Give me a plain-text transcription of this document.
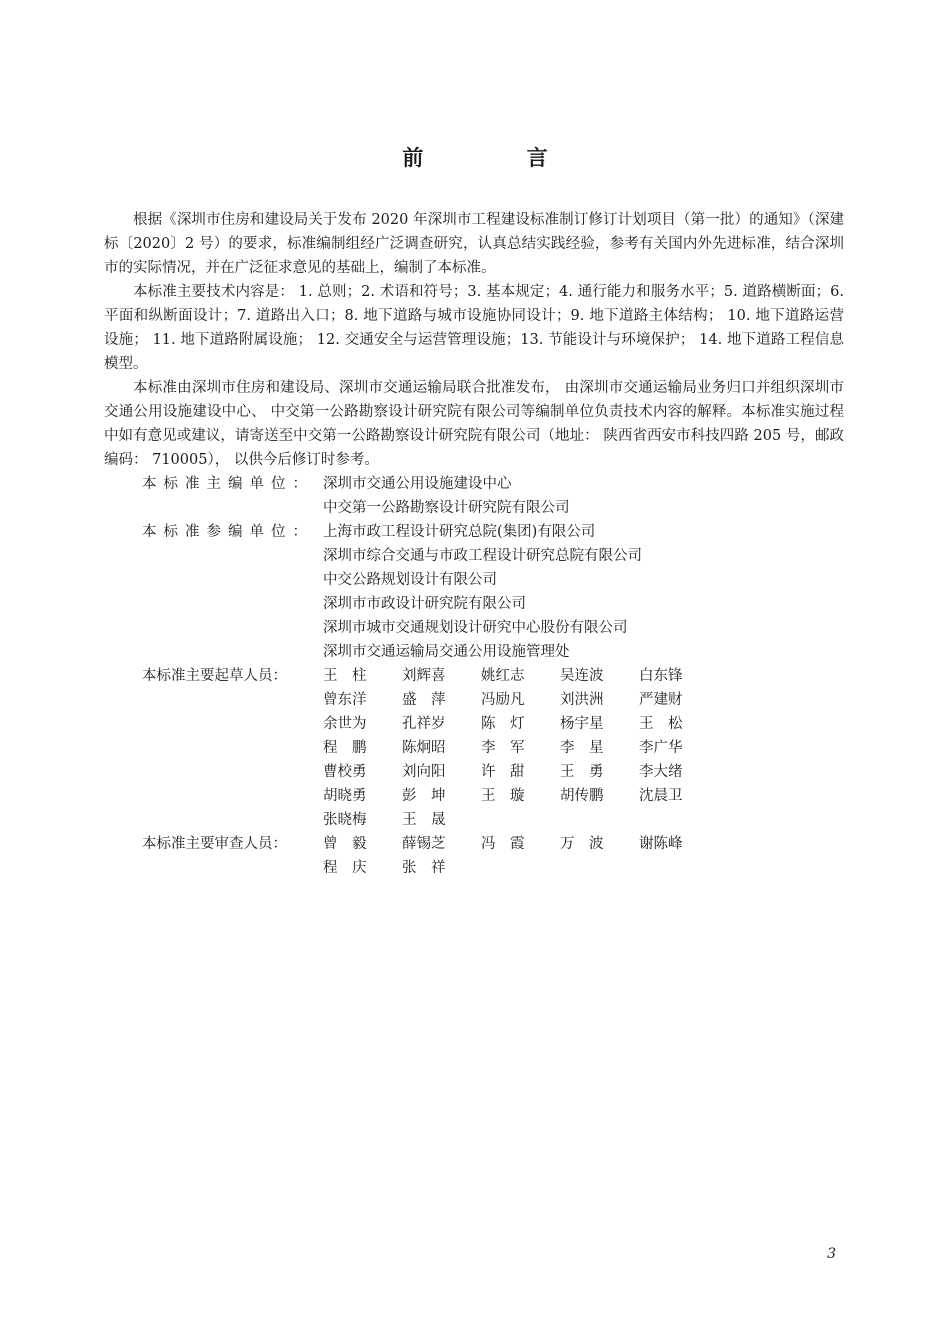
前 言

根据《深圳市住房和建设局关于发布 2020 年深圳市工程建设标准制订修订计划项目（第一批）的通知》（深建标〔2020〕2 号）的要求，标准编制组经广泛调查研究，认真总结实践经验，参考有关国内外先进标准，结合深圳市的实际情况，并在广泛征求意见的基础上，编制了本标准。

本标准主要技术内容是： 1. 总则；2. 术语和符号；3. 基本规定；4. 通行能力和服务水平；5. 道路横断面；6. 平面和纵断面设计；7. 道路出入口；8. 地下道路与城市设施协同设计；9. 地下道路主体结构； 10. 地下道路运营设施； 11. 地下道路附属设施； 12. 交通安全与运营管理设施；13. 节能设计与环境保护； 14. 地下道路工程信息模型。

本标准由深圳市住房和建设局、深圳市交通运输局联合批准发布， 由深圳市交通运输局业务归口并组织深圳市交通公用设施建设中心、 中交第一公路勘察设计研究院有限公司等编制单位负责技术内容的解释。本标准实施过程中如有意见或建议，请寄送至中交第一公路勘察设计研究院有限公司（地址： 陕西省西安市科技四路 205 号，邮政编码： 710005）， 以供今后修订时参考。

本标准主编单位： 深圳市交通公用设施建设中心
中交第一公路勘察设计研究院有限公司
本标准参编单位： 上海市政工程设计研究总院(集团)有限公司
深圳市综合交通与市政工程设计研究总院有限公司
中交公路规划设计有限公司
深圳市市政设计研究院有限公司
深圳市城市交通规划设计研究中心股份有限公司
深圳市交通运输局交通公用设施管理处
本标准主要起草人员： 王　柱 刘辉喜 姚红志 吴连波 白东锋
曾东洋 盛　萍 冯励凡 刘洪洲 严建财
余世为 孔祥岁 陈　灯 杨宇星 王　松
程　鹏 陈炯昭 李　军 李　星 李广华
曹校勇 刘向阳 许　甜 王　勇 李大绪
胡晓勇 彭　坤 王　璇 胡传鹏 沈晨卫
张晓梅 王　晟
本标准主要审查人员： 曾　毅 薛锡芝 冯　霞 万　波 谢陈峰
程　庆 张　祥
3
